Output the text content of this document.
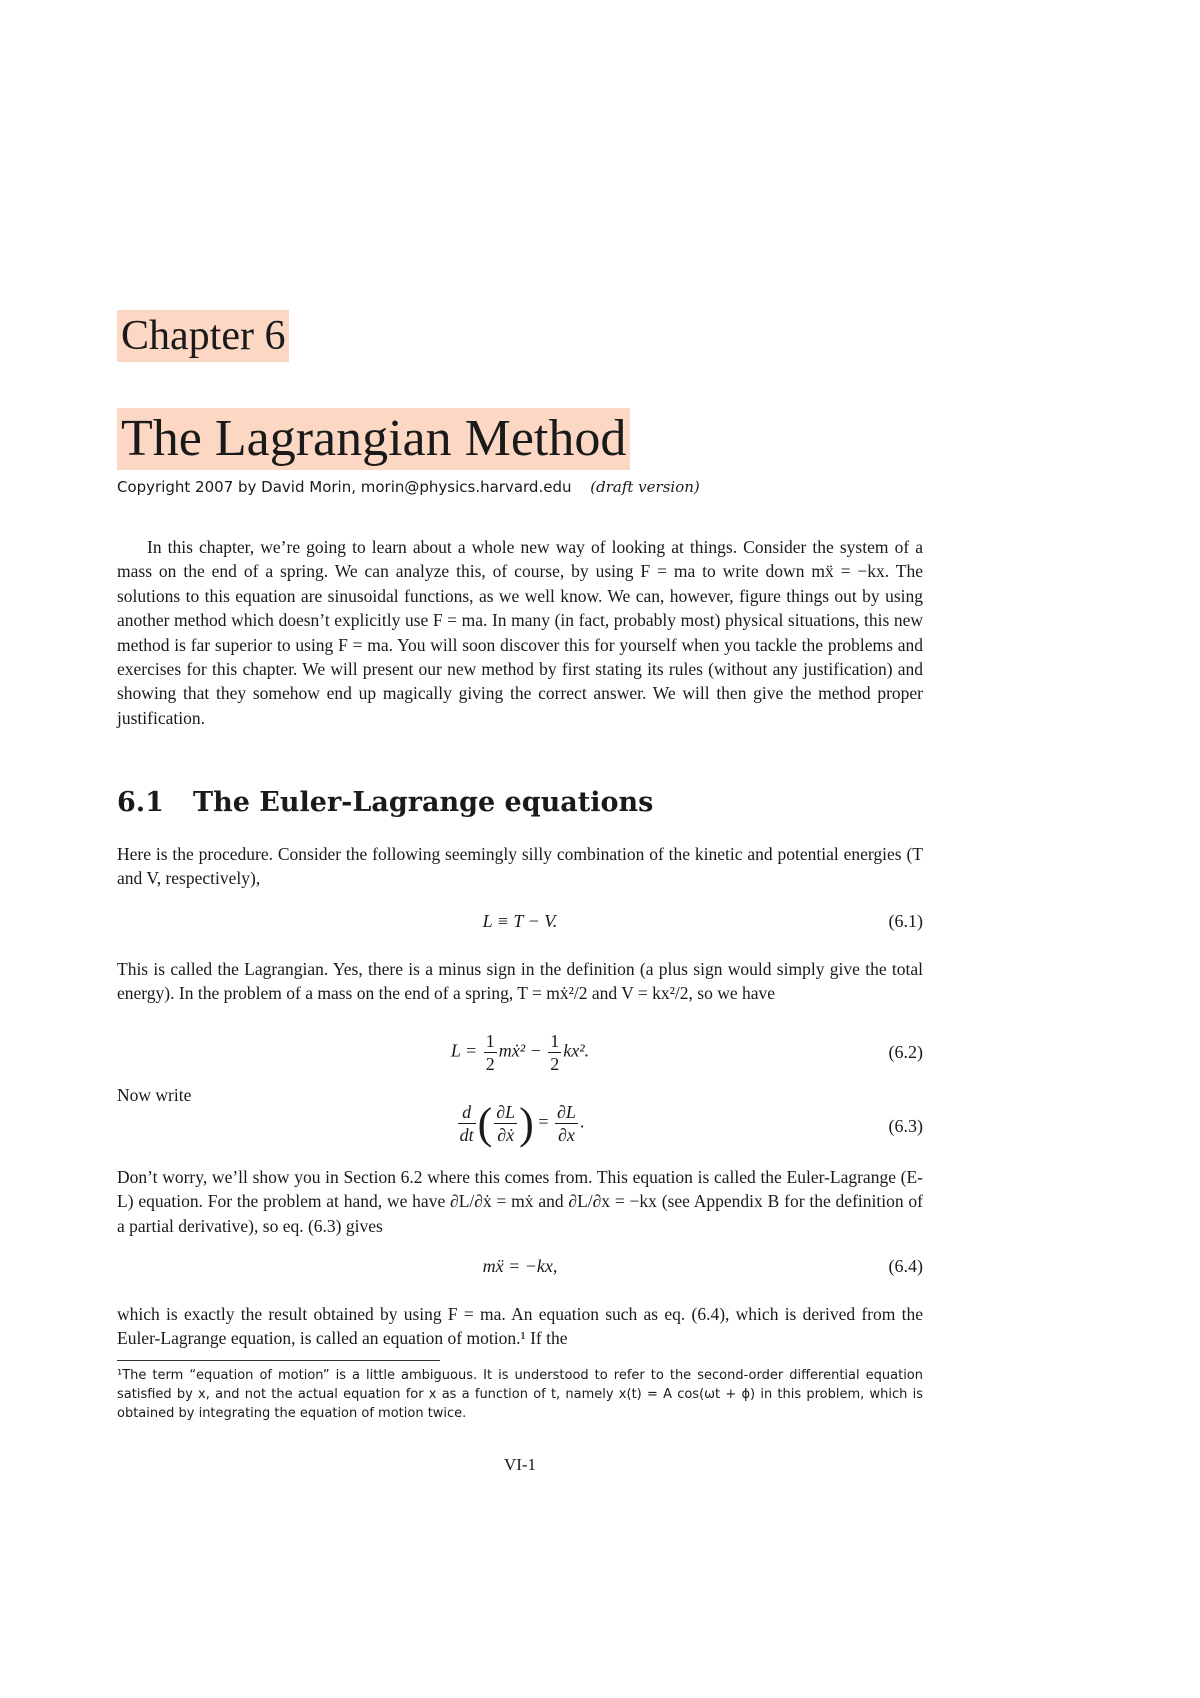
Chapter 6
The Lagrangian Method
Copyright 2007 by David Morin, morin@physics.harvard.edu (draft version)
In this chapter, we’re going to learn about a whole new way of looking at things. Consider the system of a mass on the end of a spring. We can analyze this, of course, by using F = ma to write down mẍ = −kx. The solutions to this equation are sinusoidal functions, as we well know. We can, however, figure things out by using another method which doesn’t explicitly use F = ma. In many (in fact, probably most) physical situations, this new method is far superior to using F = ma. You will soon discover this for yourself when you tackle the problems and exercises for this chapter. We will present our new method by first stating its rules (without any justification) and showing that they somehow end up magically giving the correct answer. We will then give the method proper justification.
6.1 The Euler-Lagrange equations
Here is the procedure. Consider the following seemingly silly combination of the kinetic and potential energies (T and V, respectively),
L ≡ T − V.	(6.1)
This is called the Lagrangian. Yes, there is a minus sign in the definition (a plus sign would simply give the total energy). In the problem of a mass on the end of a spring, T = mẋ²/2 and V = kx²/2, so we have
$L = \frac{1}{2}$ mẋ² − $\frac{1}{2} kx^2$.	(6.2)
Now write
$\frac{d}{dt}$ ( $\frac{\partial L}{\text{∂ẋ}}$ ) = $\frac{\partial L}{\partial x}$ .	(6.3)
Don’t worry, we’ll show you in Section 6.2 where this comes from. This equation is called the Euler-Lagrange (E-L) equation. For the problem at hand, we have ∂L/∂ẋ = mẋ and ∂L/∂x = −kx (see Appendix B for the definition of a partial derivative), so eq. (6.3) gives
mẍ = −kx,	(6.4)
which is exactly the result obtained by using F = ma. An equation such as eq. (6.4), which is derived from the Euler-Lagrange equation, is called an equation of motion.¹ If the
¹The term “equation of motion” is a little ambiguous. It is understood to refer to the second-order differential equation satisfied by x, and not the actual equation for x as a function of t, namely x(t) = A cos(ωt + ϕ) in this problem, which is obtained by integrating the equation of motion twice.
VI-1
